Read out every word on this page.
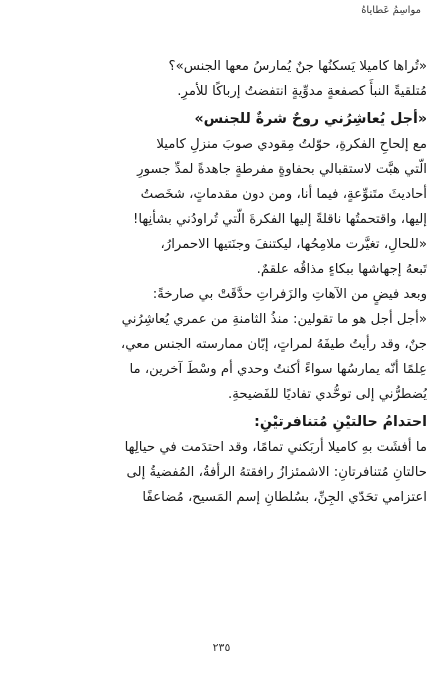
مواسِمُ عَطاياهُ
«تُراها كاميلا يَسكنُها جنٌ يُمارسُ معها الجنس»؟
مُتلقيةً النبأَ كصفعةٍ مدوِّيةٍ انتفضتُ إرباكًا للأمرِ.
«أجل يُعاشِرُني روحٌ شرةٌ للجنس»
مع إلحاحِ الفكرةِ، حوّلتُ مِقودي صوبَ منزلِ كاميلا
الّتي هبَّت لاستقبالي بحفاوةٍ مفرطةٍ جاهدةً لمدِّ جسورِ
أحاديثَ متَنوِّعةٍ، فيما أنا، ومن دون مقدماتٍ، شخَصتُ
إليها، واقتحمتُها ناقلةً إليها الفكرةَ الّتي تُراودُني بشأنِها!
«للحالِ، تغيَّرت ملامِحُها، ليكتنفَ وجنَتيها الاحمرارُ،
تَبعهُ إجهاشها ببكاءٍ مذاقُه علقمٌ.
وبعد فيضٍ من الآهاتِ والزَفراتِ حدَّقَتْ بي صارخةً:
«أجل أجل هو ما تقولين: منذُ الثامنةِ من عمري يُعاشِرُني
جنٌ، وقد رأيتُ طيفَهُ لمراتٍ، إبّان ممارسته الجنس معي،
عِلمًا أنّه يمارسُها سواءً أكنتُ وحدي أم وسْطَ آخرين، ما
يُضطرُّني إلى توحُّدي تفاديًا للفَضيحةِ.
احتدامُ حالتيْنِ مُتنافرتيْنِ:
ما أفشَت بهِ كاميلا أربَكني تمامًا، وقد احتدَمت في حيالِها
حالتانِ مُتنافرتانِ: الاشمئزازُ رافقتهُ الرأفةُ، المُفضيةُ إلى
اعتزامي تحَدّي الجِنِّ، بسُلطانِ إسم المَسيح، مُضاعفًا
٢٣٥
